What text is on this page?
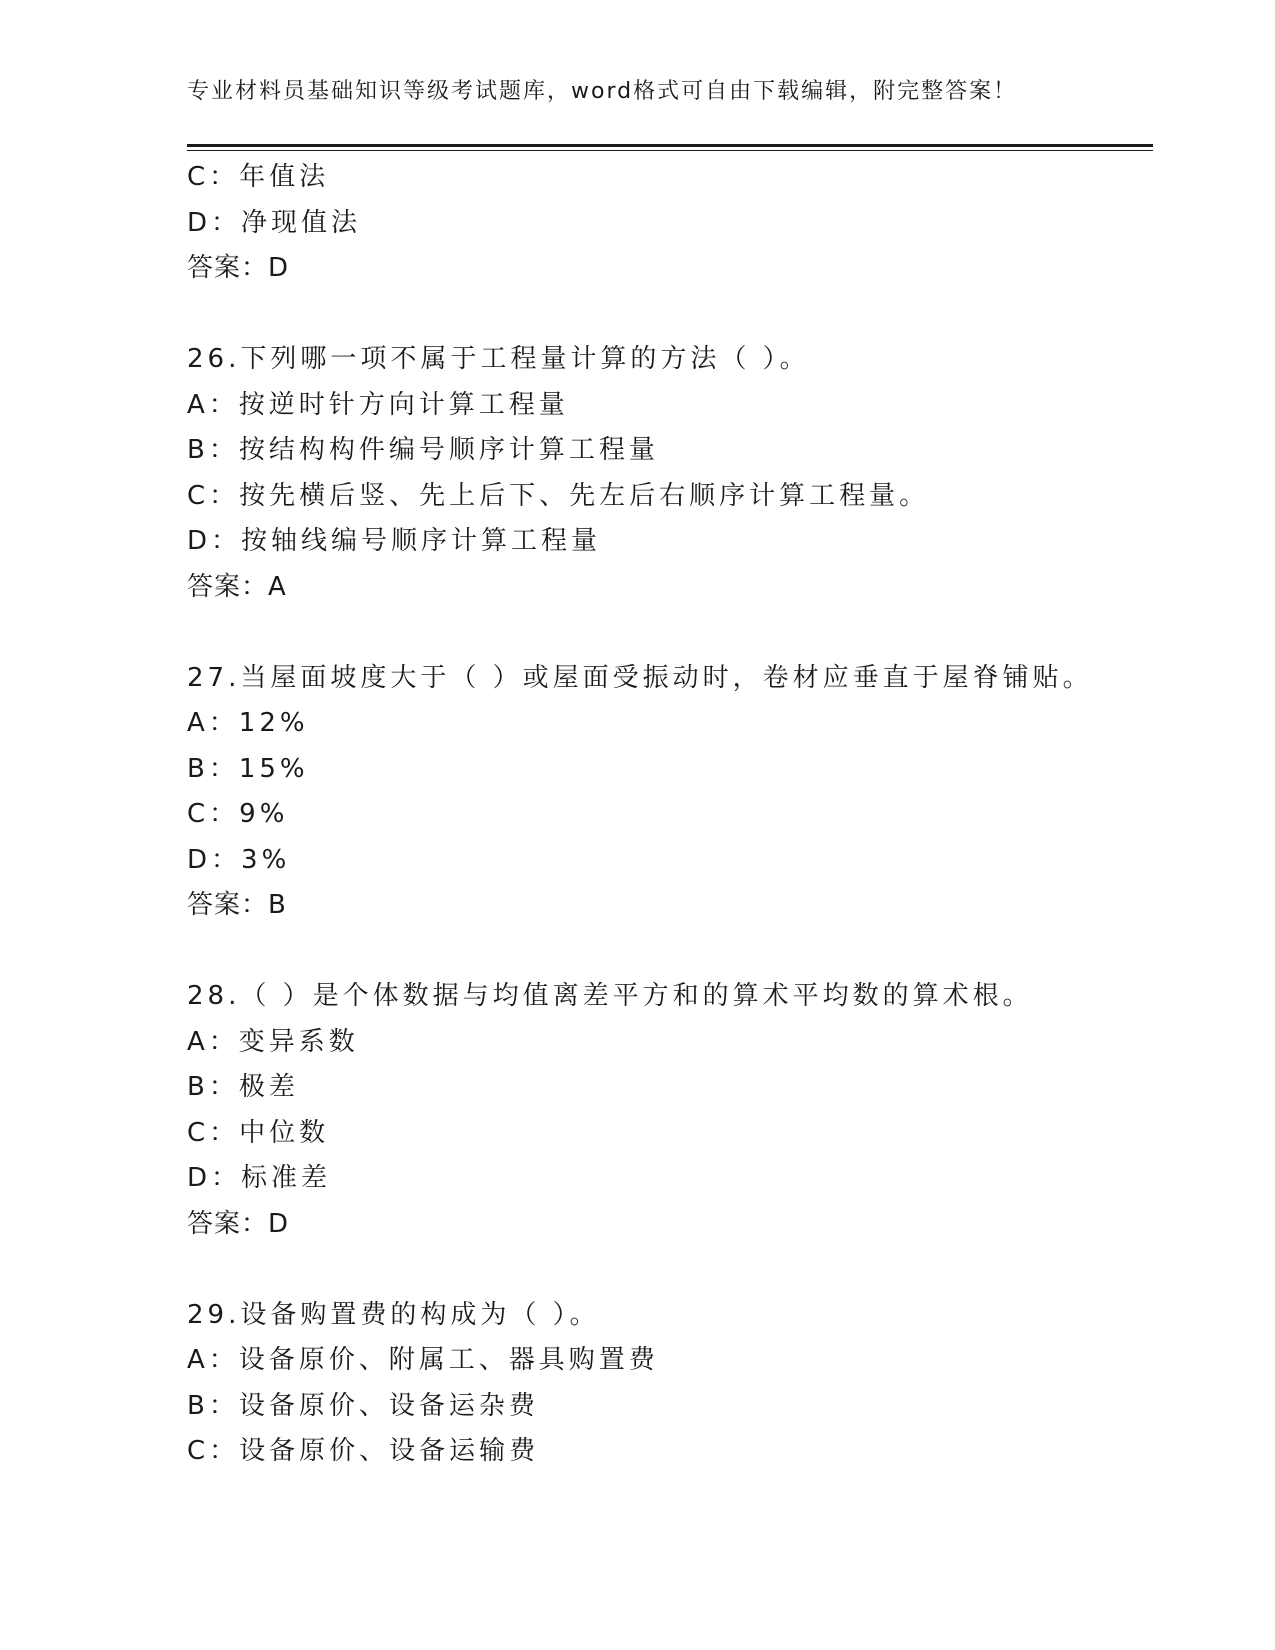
专业材料员基础知识等级考试题库，word格式可自由下载编辑，附完整答案！
C：年值法
D：净现值法
答案：D
26.下列哪一项不属于工程量计算的方法（ ）。
A：按逆时针方向计算工程量
B：按结构构件编号顺序计算工程量
C：按先横后竖、先上后下、先左后右顺序计算工程量。
D：按轴线编号顺序计算工程量
答案：A
27.当屋面坡度大于（ ）或屋面受振动时，卷材应垂直于屋脊铺贴。
A：12%
B：15%
C：9%
D：3%
答案：B
28.（ ）是个体数据与均值离差平方和的算术平均数的算术根。
A：变异系数
B：极差
C：中位数
D：标准差
答案：D
29.设备购置费的构成为（ ）。
A：设备原价、附属工、器具购置费
B：设备原价、设备运杂费
C：设备原价、设备运输费
